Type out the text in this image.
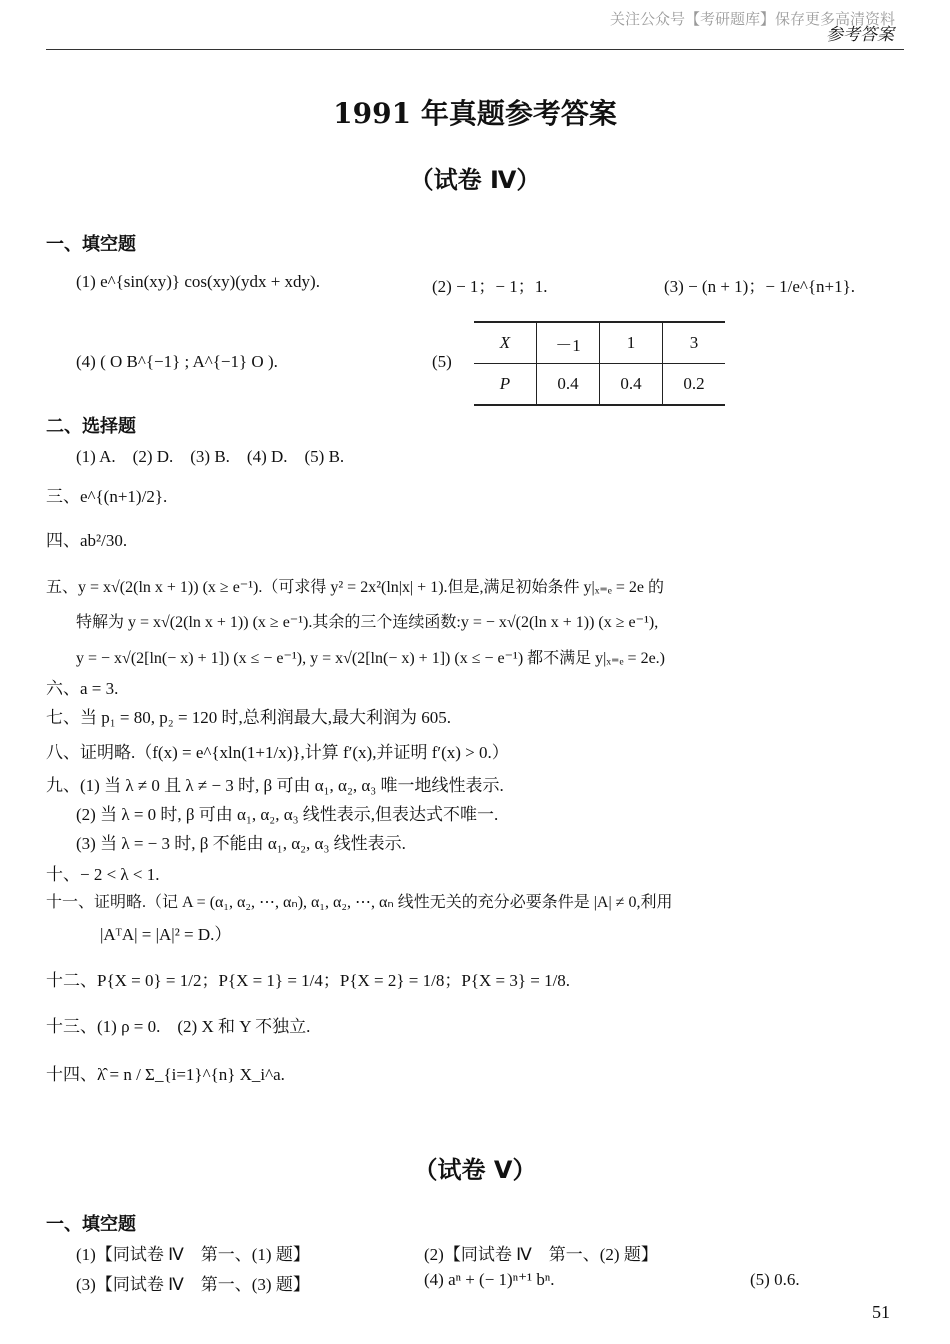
关注公众号【考研题库】保存更多高清资料
参考答案
1991 年真题参考答案
（试卷 Ⅳ）
一、填空题
(1) e^{sin(xy)} cos(xy)(ydx + xdy).	(2) − 1；− 1；1.	(3) − (n + 1)；− 1/e^{n+1}.
(4) ( O B^{−1} ; A^{−1} O ).	(5)
X	－1	1	3
P	0.4	0.4	0.2
二、选择题
(1) A.　(2) D.　(3) B.　(4) D.　(5) B.
三、e^{(n+1)/2}.
四、ab²/30.
五、y = x√(2(ln x + 1)) (x ≥ e⁻¹).（可求得 y² = 2x²(ln|x| + 1).但是,满足初始条件 y|ₓ₌ₑ = 2e 的
特解为 y = x√(2(ln x + 1)) (x ≥ e⁻¹).其余的三个连续函数:y = − x√(2(ln x + 1)) (x ≥ e⁻¹),
y = − x√(2[ln(− x) + 1]) (x ≤ − e⁻¹), y = x√(2[ln(− x) + 1]) (x ≤ − e⁻¹) 都不满足 y|ₓ₌ₑ = 2e.)
六、a = 3.
七、当 p₁ = 80, p₂ = 120 时,总利润最大,最大利润为 605.
八、证明略.（f(x) = e^{xln(1+1/x)},计算 f′(x),并证明 f′(x) > 0.）
九、(1) 当 λ ≠ 0 且 λ ≠ − 3 时, β 可由 α₁, α₂, α₃ 唯一地线性表示.
(2) 当 λ = 0 时, β 可由 α₁, α₂, α₃ 线性表示,但表达式不唯一.
(3) 当 λ = − 3 时, β 不能由 α₁, α₂, α₃ 线性表示.
十、− 2 < λ < 1.
十一、证明略.（记 A = (α₁, α₂, ⋯, αₙ), α₁, α₂, ⋯, αₙ 线性无关的充分必要条件是 |A| ≠ 0,利用
|AᵀA| = |A|² = D.）
十二、P{X = 0} = 1/2；P{X = 1} = 1/4；P{X = 2} = 1/8；P{X = 3} = 1/8.
十三、(1) ρ = 0.　(2) X 和 Y 不独立.
十四、λ̂ = n / Σ_{i=1}^{n} X_i^a.
（试卷 Ⅴ）
一、填空题
(1)【同试卷 Ⅳ　第一、(1) 题】	(2)【同试卷 Ⅳ　第一、(2) 题】
(3)【同试卷 Ⅳ　第一、(3) 题】	(4) aⁿ + (− 1)ⁿ⁺¹ bⁿ.	(5) 0.6.
51
